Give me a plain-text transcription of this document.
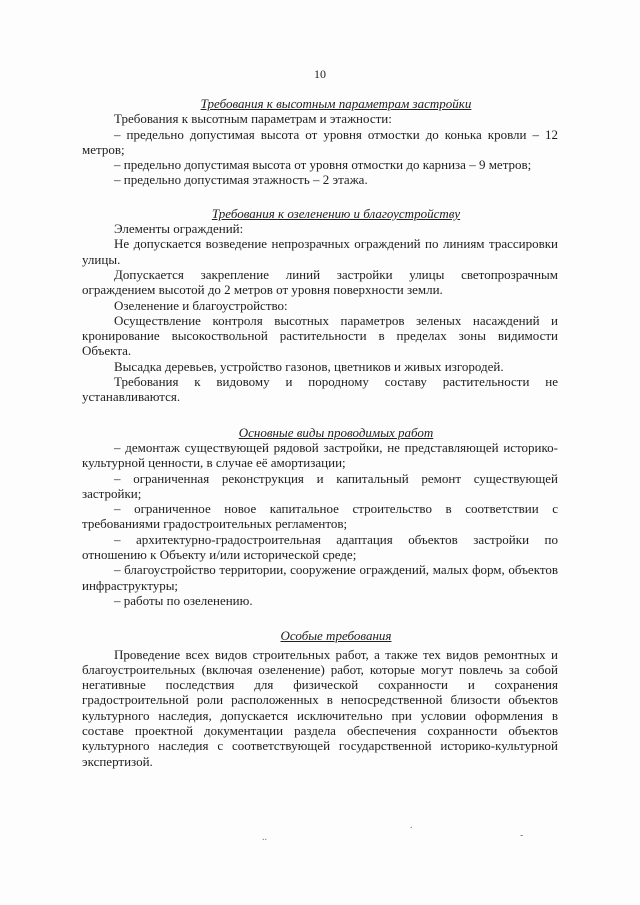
10

Требования к высотным параметрам застройки

Требования к высотным параметрам и этажности:

– предельно допустимая высота от уровня отмостки до конька кровли – 12 метров;

– предельно допустимая высота от уровня отмостки до карниза – 9 метров;

– предельно допустимая этажность – 2 этажа.

Требования к озеленению и благоустройству

Элементы ограждений:

Не допускается возведение непрозрачных ограждений по линиям трассировки улицы.

Допускается закрепление линий застройки улицы светопрозрачным ограждением высотой до 2 метров от уровня поверхности земли.

Озеленение и благоустройство:

Осуществление контроля высотных параметров зеленых насаждений и кронирование высокоствольной растительности в пределах зоны видимости Объекта.

Высадка деревьев, устройство газонов, цветников и живых изгородей.

Требования к видовому и породному составу растительности не устанавливаются.

Основные виды проводимых работ

– демонтаж существующей рядовой застройки, не представляющей историко-культурной ценности, в случае её амортизации;

– ограниченная реконструкция и капитальный ремонт существующей застройки;

– ограниченное новое капитальное строительство в соответствии с требованиями градостроительных регламентов;

– архитектурно-градостроительная адаптация объектов застройки по отношению к Объекту и/или исторической среде;

– благоустройство территории, сооружение ограждений, малых форм, объектов инфраструктуры;

– работы по озеленению.

Особые требования

Проведение всех видов строительных работ, а также тех видов ремонтных и благоустроительных (включая озеленение) работ, которые могут повлечь за собой негативные последствия для физической сохранности и сохранения градостроительной роли расположенных в непосредственной близости объектов культурного наследия, допускается исключительно при условии оформления в составе проектной документации раздела обеспечения сохранности объектов культурного наследия с соответствующей государственной историко-культурной экспертизой.

..
.
-
